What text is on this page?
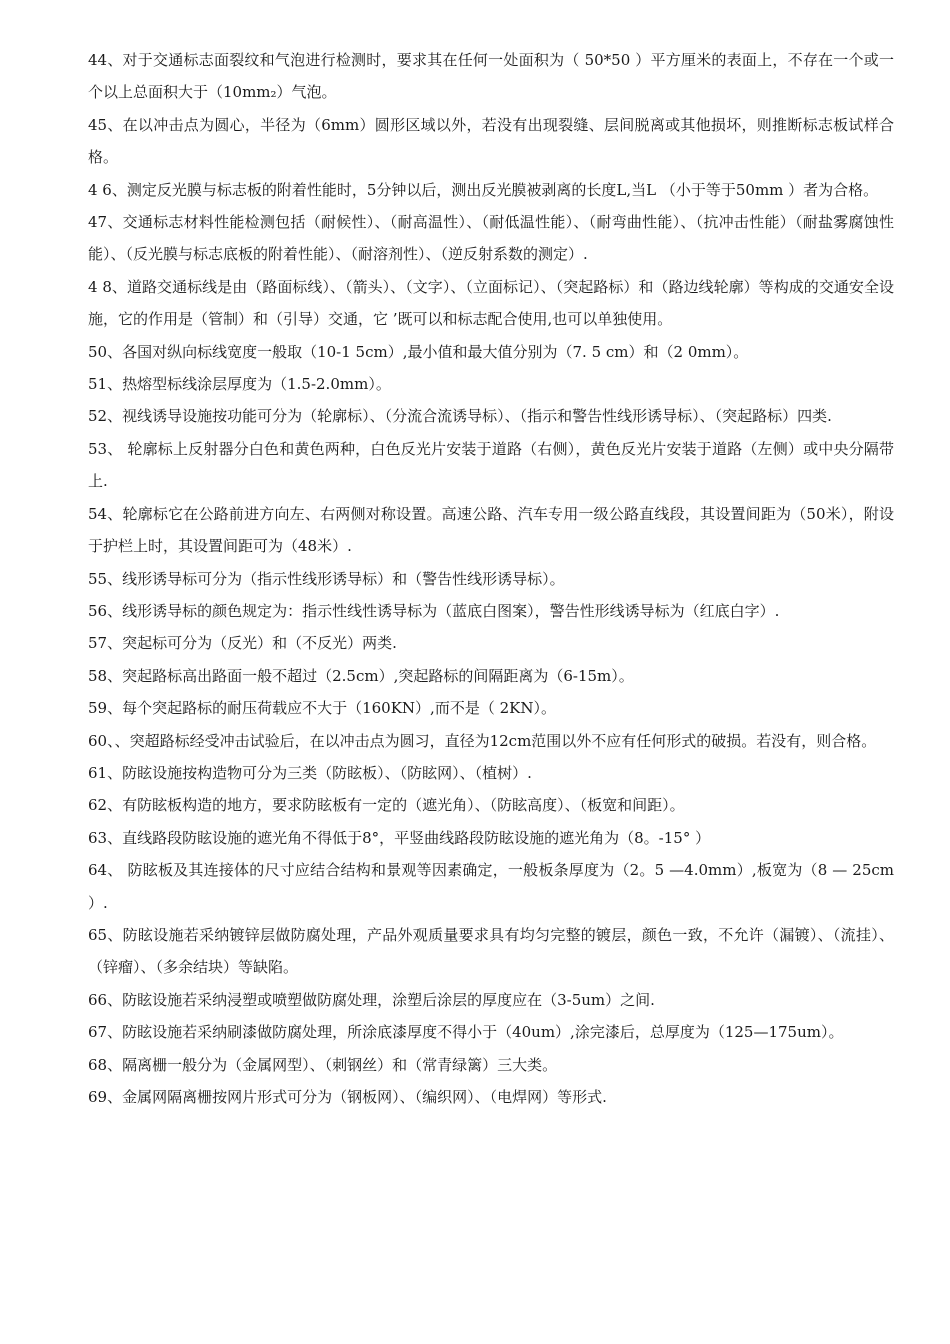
44、对于交通标志面裂纹和气泡进行检测时，要求其在任何一处面积为（ 50*50 ）平方厘米的表面上，不存在一个或一个以上总面积大于（10mm₂）气泡。

45、在以冲击点为圆心，半径为（6mm）圆形区域以外，若没有出现裂缝、层间脱离或其他损坏，则推断标志板试样合格。

4 6、测定反光膜与标志板的附着性能时，5分钟以后，测出反光膜被剥离的长度L,当L （小于等于50mm ）者为合格。

47、交通标志材料性能检测包括（耐候性）、（耐高温性）、（耐低温性能）、（耐弯曲性能）、（抗冲击性能）（耐盐雾腐蚀性能）、（反光膜与标志底板的附着性能）、（耐溶剂性）、（逆反射系数的测定）.

4 8、道路交通标线是由（路面标线）、（箭头）、（文字）、（立面标记）、（突起路标）和（路边线轮廓）等构成的交通安全设施，它的作用是（管制）和（引导）交通，它 ’既可以和标志配合使用,也可以单独使用。

50、各国对纵向标线宽度一般取（10-1 5cm）,最小值和最大值分别为（7. 5 cm）和（2 0mm）。

51、热熔型标线涂层厚度为（1.5-2.0mm）。

52、视线诱导设施按功能可分为（轮廓标）、（分流合流诱导标）、（指示和警告性线形诱导标）、（突起路标）四类.

53、 轮廓标上反射器分白色和黄色两种，白色反光片安装于道路（右侧），黄色反光片安装于道路（左侧）或中央分隔带上.

54、轮廓标它在公路前进方向左、右两侧对称设置。高速公路、汽车专用一级公路直线段，其设置间距为（50米），附设于护栏上时，其设置间距可为（48米）.

55、线形诱导标可分为（指示性线形诱导标）和（警告性线形诱导标）。

56、线形诱导标的颜色规定为：指示性线性诱导标为（蓝底白图案），警告性形线诱导标为（红底白字）.

57、突起标可分为（反光）和（不反光）两类.

58、突起路标高出路面一般不超过（2.5cm）,突起路标的间隔距离为（6-15m）。

59、每个突起路标的耐压荷载应不大于（160KN）,而不是（ 2KN）。

60、、突超路标经受冲击试验后，在以冲击点为圆习，直径为12cm范围以外不应有任何形式的破损。若没有，则合格。

61、防眩设施按构造物可分为三类（防眩板）、（防眩网）、（植树）.

62、有防眩板构造的地方，要求防眩板有一定的（遮光角）、（防眩高度）、（板宽和间距）。

63、直线路段防眩设施的遮光角不得低于8°，平竖曲线路段防眩设施的遮光角为（8。-15° ）

64、 防眩板及其连接体的尺寸应结合结构和景观等因素确定，一般板条厚度为（2。5 —4.0mm）,板宽为（8 — 25cm ）.

65、防眩设施若采纳镀锌层做防腐处理，产品外观质量要求具有均匀完整的镀层，颜色一致，不允许（漏镀）、（流挂）、（锌瘤）、（多余结块）等缺陷。

66、防眩设施若采纳浸塑或喷塑做防腐处理，涂塑后涂层的厚度应在（3-5um）之间.

67、防眩设施若采纳刷漆做防腐处理，所涂底漆厚度不得小于（40um）,涂完漆后，总厚度为（125—175um）。

68、隔离栅一般分为（金属网型）、（刺钢丝）和（常青绿篱）三大类。

69、金属网隔离栅按网片形式可分为（钢板网）、（编织网）、（电焊网）等形式.
